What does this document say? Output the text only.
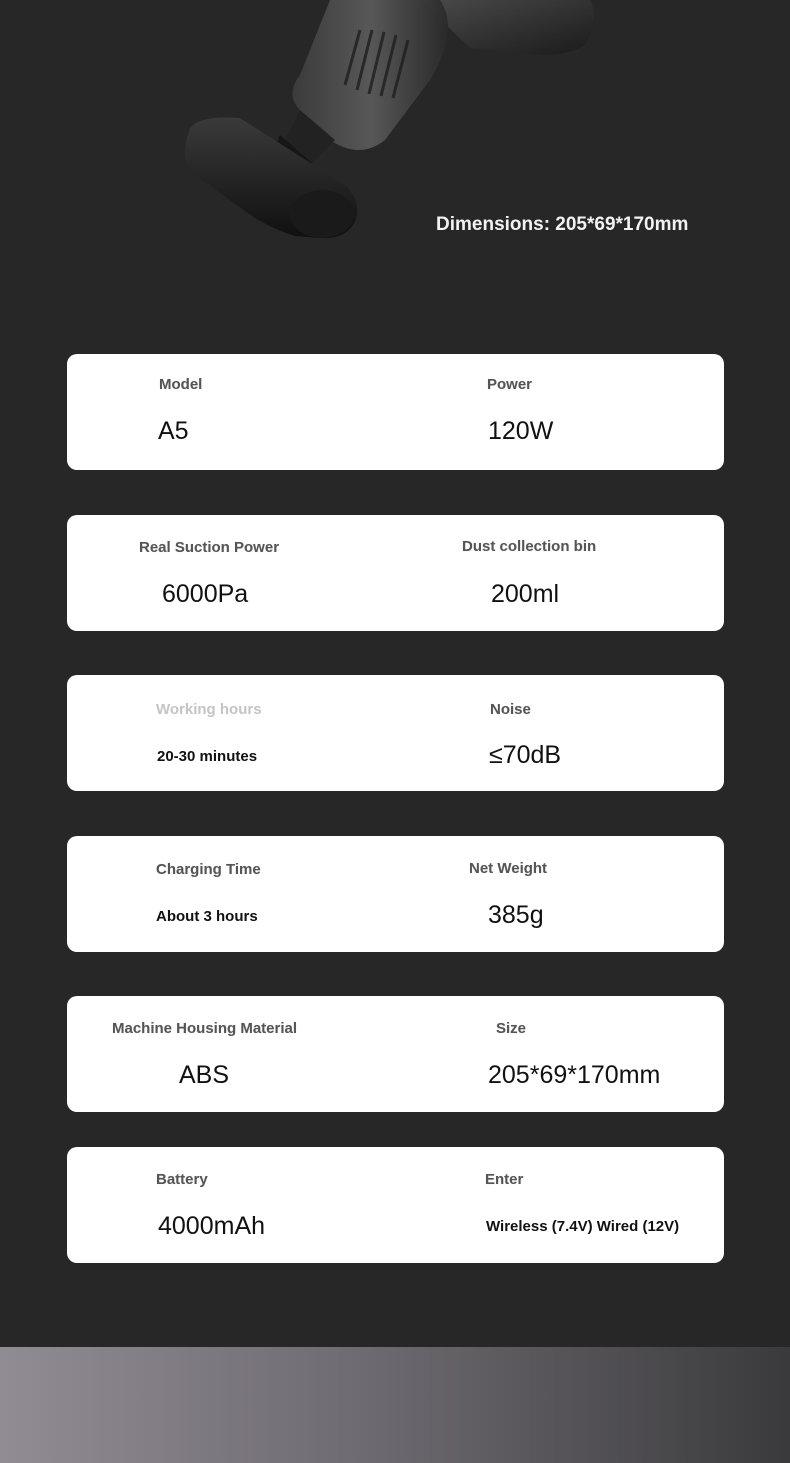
Dimensions: 205*69*170mm
Model
A5
Power
120W
Real Suction Power
6000Pa
Dust collection bin
200ml
Working hours
20-30 minutes
Noise
≤70dB
Charging Time
About 3 hours
Net Weight
385g
Machine Housing Material
ABS
Size
205*69*170mm
Battery
4000mAh
Enter
Wireless (7.4V) Wired (12V)
